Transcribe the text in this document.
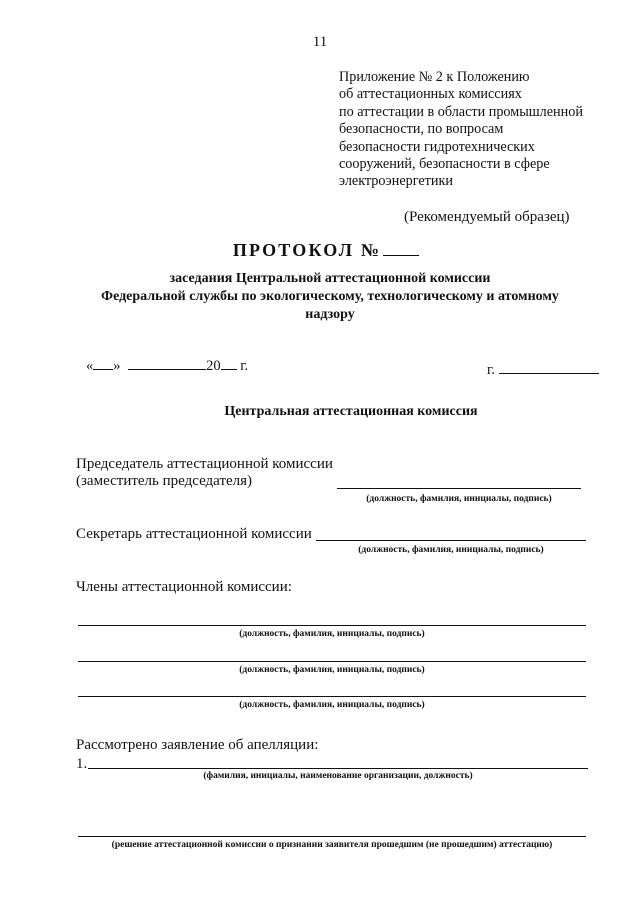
11
Приложение № 2 к Положению
об аттестационных комиссиях
по аттестации в области промышленной
безопасности, по вопросам
безопасности гидротехнических
сооружений, безопасности в сфере
электроэнергетики
(Рекомендуемый образец)
ПРОТОКОЛ №
заседания Центральной аттестационной комиссии
Федеральной службы по экологическому, технологическому и атомному
надзору
« »	20 г.	г.
Центральная аттестационная комиссия
Председатель аттестационной комиссии
(заместитель председателя)
(должность, фамилия, инициалы, подпись)
Секретарь аттестационной комиссии
(должность, фамилия, инициалы, подпись)
Члены аттестационной комиссии:
(должность, фамилия, инициалы, подпись)
(должность, фамилия, инициалы, подпись)
(должность, фамилия, инициалы, подпись)
Рассмотрено заявление об апелляции:
1.
(фамилия, инициалы, наименование организации, должность)
(решение аттестационной комиссии о признании заявителя прошедшим (не прошедшим) аттестацию)
